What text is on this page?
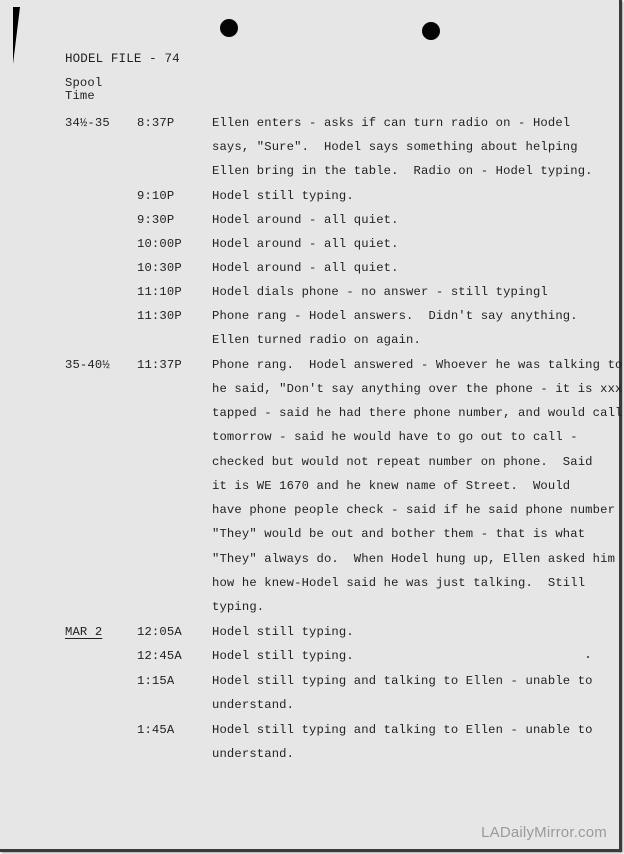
HODEL FILE - 74
Spool
Time
34½-35 8:37P	Ellen enters - asks if can turn radio on - Hodel
says, "Sure".  Hodel says something about helping
Ellen bring in the table.  Radio on - Hodel typing.
9:10P	Hodel still typing.
9:30P	Hodel around - all quiet.
10:00P Hodel around - all quiet.
10:30P Hodel around - all quiet.
11:10P Hodel dials phone - no answer - still typingl
11:30P Phone rang - Hodel answers.  Didn't say anything.
Ellen turned radio on again.
35-40½ 11:37P Phone rang.  Hodel answered - Whoever he was talking to
he said, "Don't say anything over the phone - it is xxx
tapped - said he had there phone number, and would call
tomorrow - said he would have to go out to call -
checked but would not repeat number on phone.  Said
it is WE 1670 and he knew name of Street.  Would
have phone people check - said if he said phone number
"They" would be out and bother them - that is what
"They" always do.  When Hodel hung up, Ellen asked him
how he knew-Hodel said he was just talking.  Still
typing.
MAR 2	12:05A Hodel still typing.
12:45A Hodel still typing.
1:15A	Hodel still typing and talking to Ellen - unable to
understand.
1:45A	Hodel still typing and talking to Ellen - unable to
understand.
LADailyMirror.com
